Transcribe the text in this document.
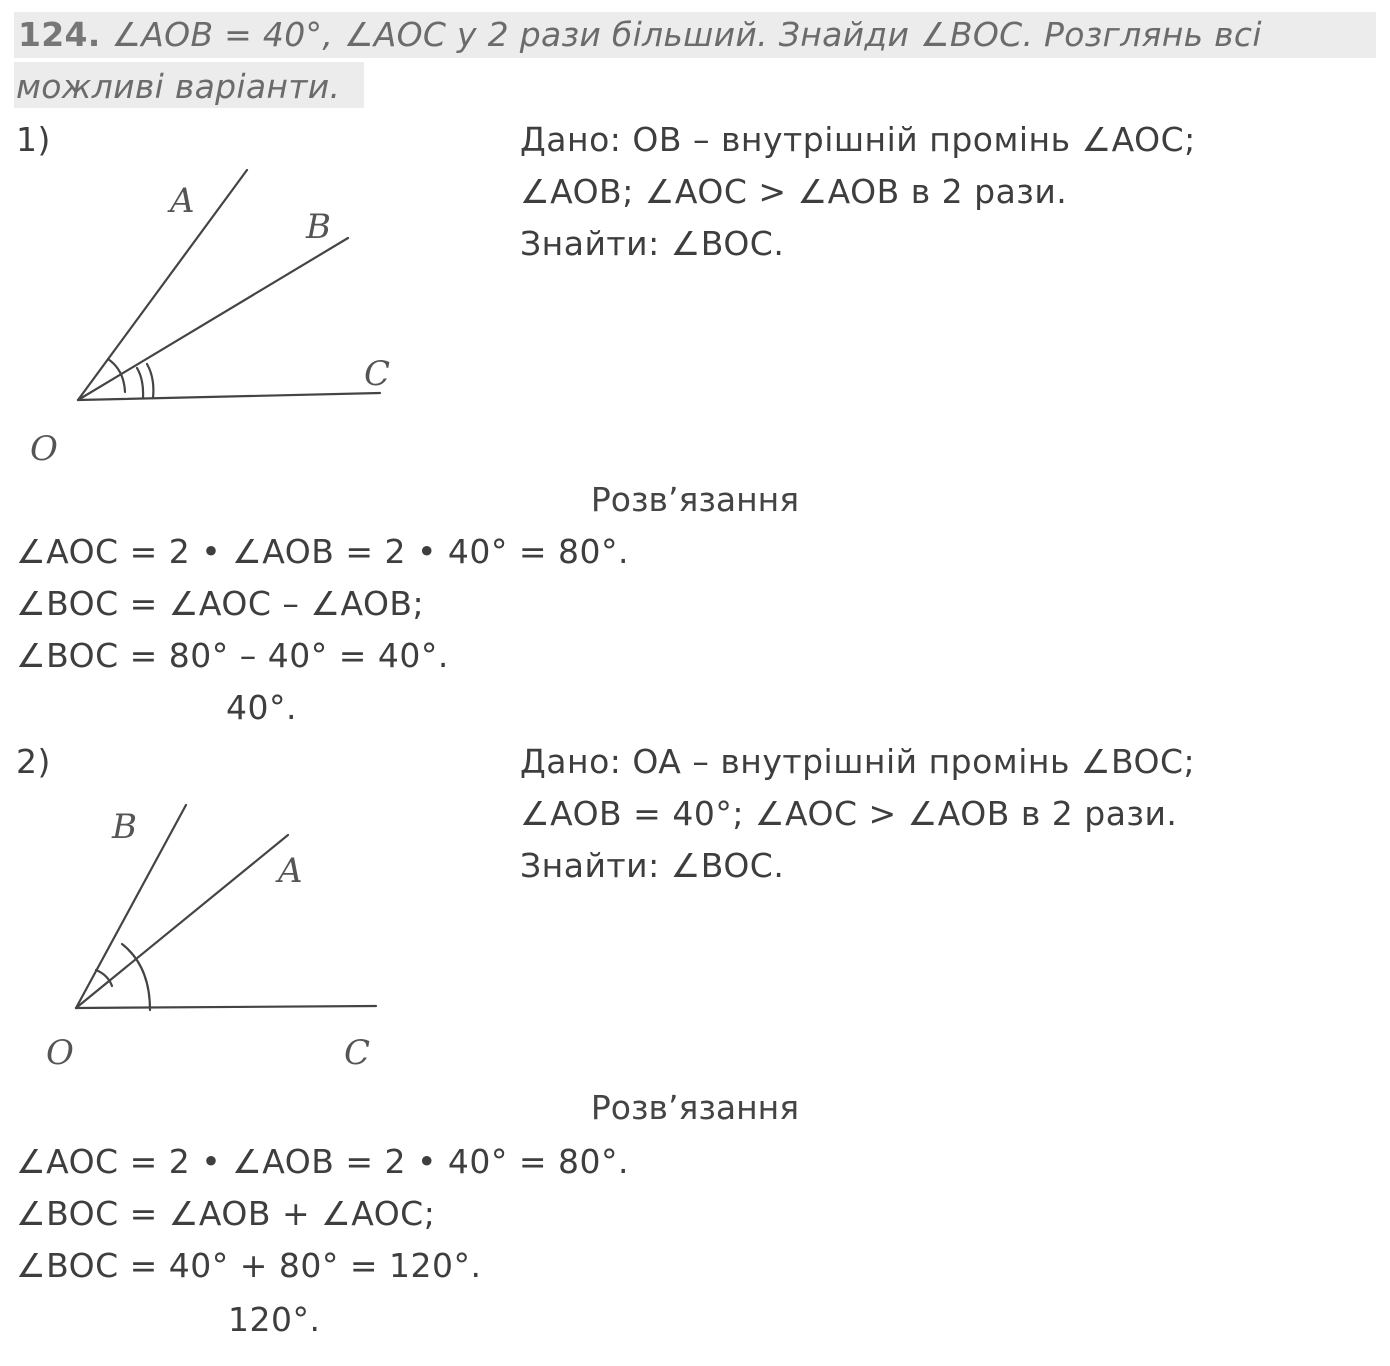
124. ∠AOB = 40°, ∠AOC у 2 рази більший. Знайди ∠BOC. Розглянь всі
можливі варіанти.
1)	Дано: OB – внутрішній промінь ∠AOC;
∠AOB; ∠AOC > ∠AOB в 2 рази.
Знайти: ∠BOC.
A
B
C
O
B
A
C
O
Розв’язання
∠AOC = 2 • ∠AOB = 2 • 40° = 80°.
∠BOC = ∠AOC – ∠AOB;
∠BOC = 80° – 40° = 40°.
40°.
2)	Дано: OA – внутрішній промінь ∠BOC;
∠AOB = 40°; ∠AOC > ∠AOB в 2 рази.
Знайти: ∠BOC.
Розв’язання
∠AOC = 2 • ∠AOB = 2 • 40° = 80°.
∠BOC = ∠AOB + ∠AOC;
∠BOC = 40° + 80° = 120°.
120°.
